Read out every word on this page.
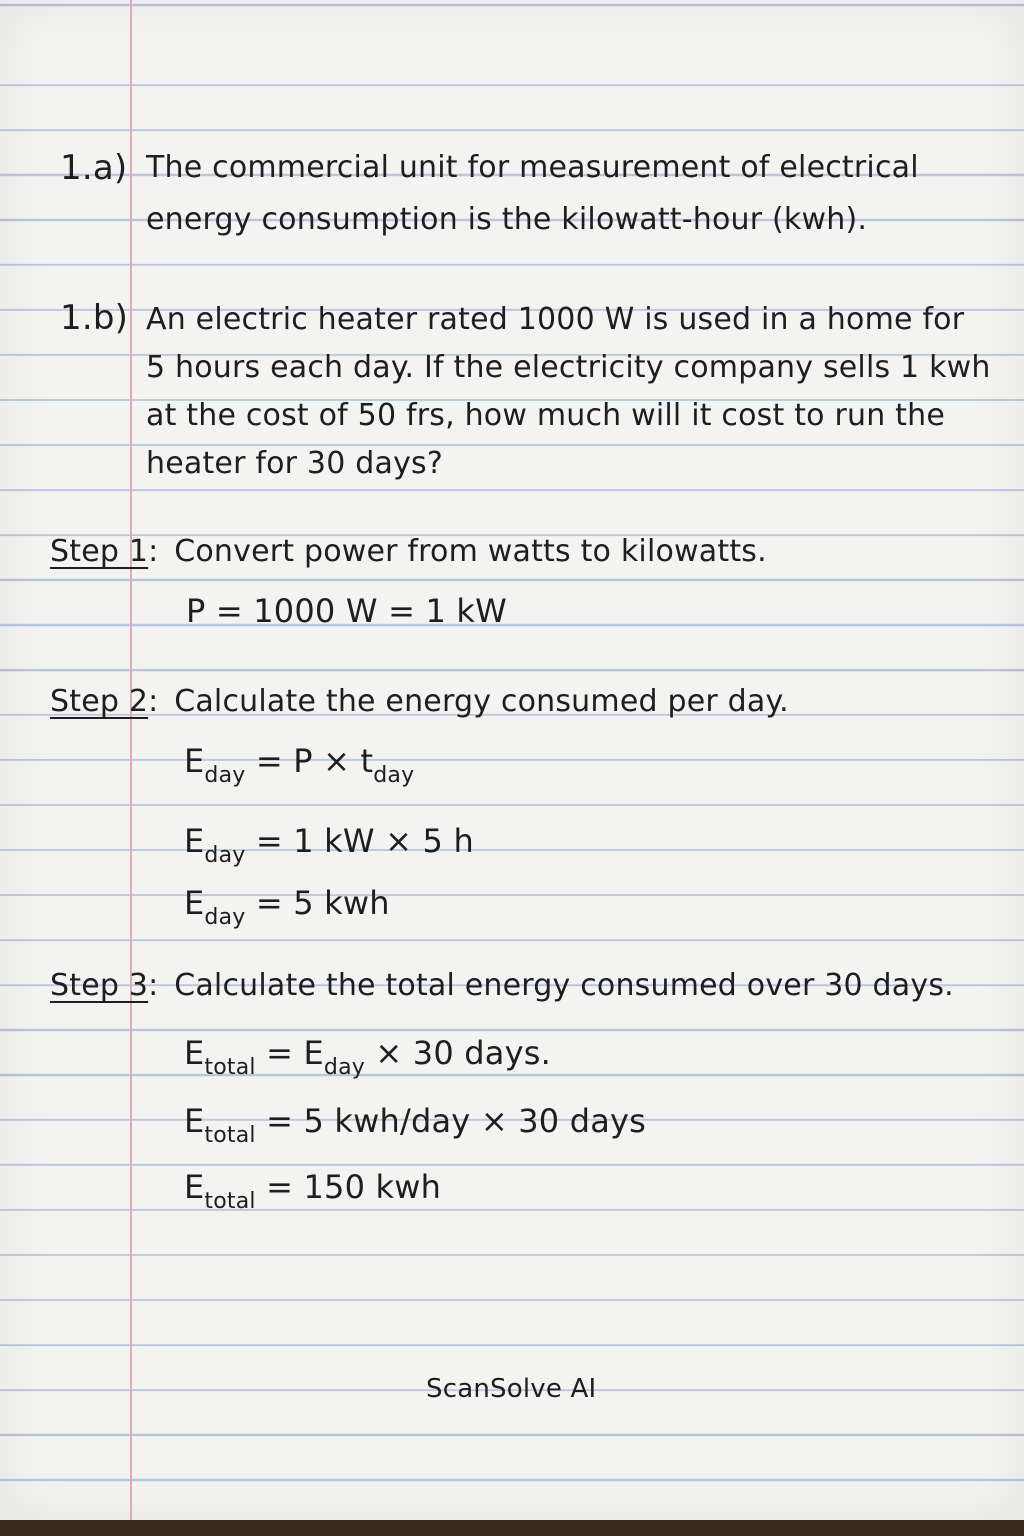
1.a) The commercial unit for measurement of electrical
energy consumption is the kilowatt-hour (kwh).
1.b) An electric heater rated 1000 W is used in a home for
5 hours each day. If the electricity company sells 1 kwh
at the cost of 50 frs, how much will it cost to run the
heater for 30 days?
Step 1: Convert power from watts to kilowatts.
P = 1000 W = 1 kW
Step 2: Calculate the energy consumed per day.
$E_{day} = P \times t_{day}$
$E_{day} = 1$ kW × 5 h
$E_{day} = 5$ kwh
Step 3: Calculate the total energy consumed over 30 days.
$E_{total} = E_{day} \times 30$ days.
$E_{total} = 5$ kwh/day × 30 days
$E_{total} = 150$ kwh
ScanSolve AI
